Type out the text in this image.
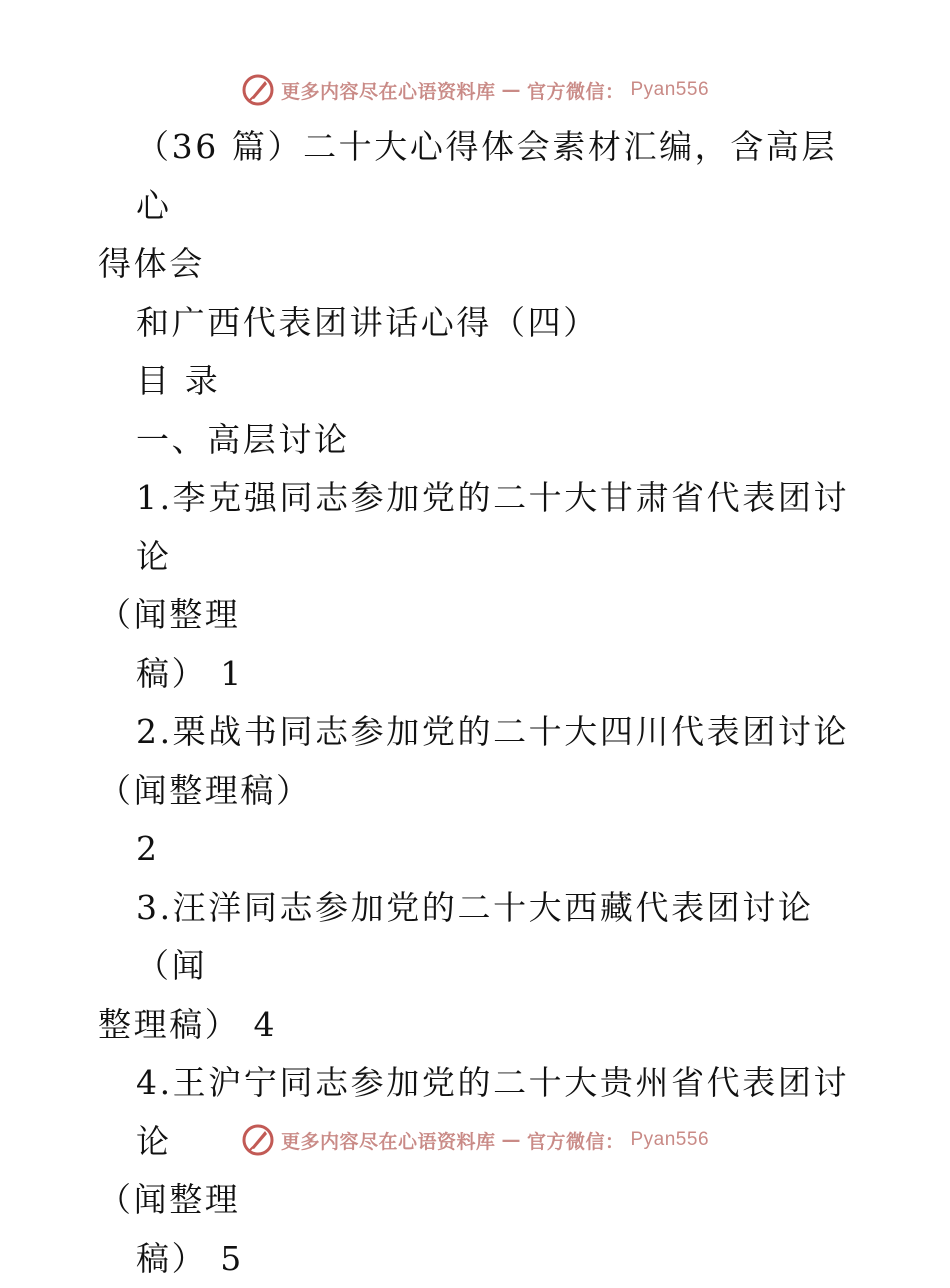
更多内容尽在心语资料库 — 官方微信： Pyan556

（36 篇）二十大心得体会素材汇编，含高层心

得体会

和广西代表团讲话心得（四）

目 录

一、高层讨论

1.李克强同志参加党的二十大甘肃省代表团讨论

（闻整理

稿） 1

2.栗战书同志参加党的二十大四川代表团讨论

（闻整理稿）

2

3.汪洋同志参加党的二十大西藏代表团讨论（闻

整理稿） 4

4.王沪宁同志参加党的二十大贵州省代表团讨论

（闻整理

稿） 5

更多内容尽在心语资料库 — 官方微信： Pyan556
